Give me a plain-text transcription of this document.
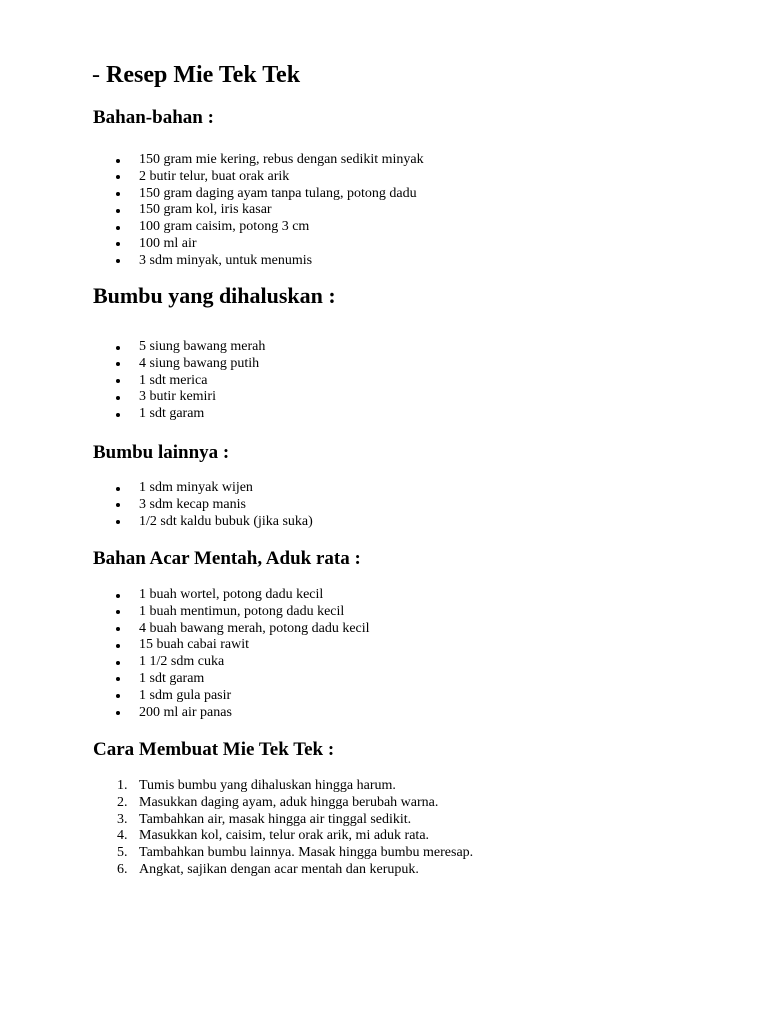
- Resep Mie Tek Tek
Bahan-bahan :
150 gram mie kering, rebus dengan sedikit minyak
2 butir telur, buat orak arik
150 gram daging ayam tanpa tulang, potong dadu
150 gram kol, iris kasar
100 gram caisim, potong 3 cm
100 ml air
3 sdm minyak, untuk menumis
Bumbu yang dihaluskan :
5 siung bawang merah
4 siung bawang putih
1 sdt merica
3 butir kemiri
1 sdt garam
Bumbu lainnya :
1 sdm minyak wijen
3 sdm kecap manis
1/2 sdt kaldu bubuk (jika suka)
Bahan Acar Mentah, Aduk rata :
1 buah wortel, potong dadu kecil
1 buah mentimun, potong dadu kecil
4 buah bawang merah, potong dadu kecil
15 buah cabai rawit
1 1/2 sdm cuka
1 sdt garam
1 sdm gula pasir
200 ml air panas
Cara Membuat Mie Tek Tek :
1. Tumis bumbu yang dihaluskan hingga harum.
2. Masukkan daging ayam, aduk hingga berubah warna.
3. Tambahkan air, masak hingga air tinggal sedikit.
4. Masukkan kol, caisim, telur orak arik, mi aduk rata.
5. Tambahkan bumbu lainnya. Masak hingga bumbu meresap.
6. Angkat, sajikan dengan acar mentah dan kerupuk.
